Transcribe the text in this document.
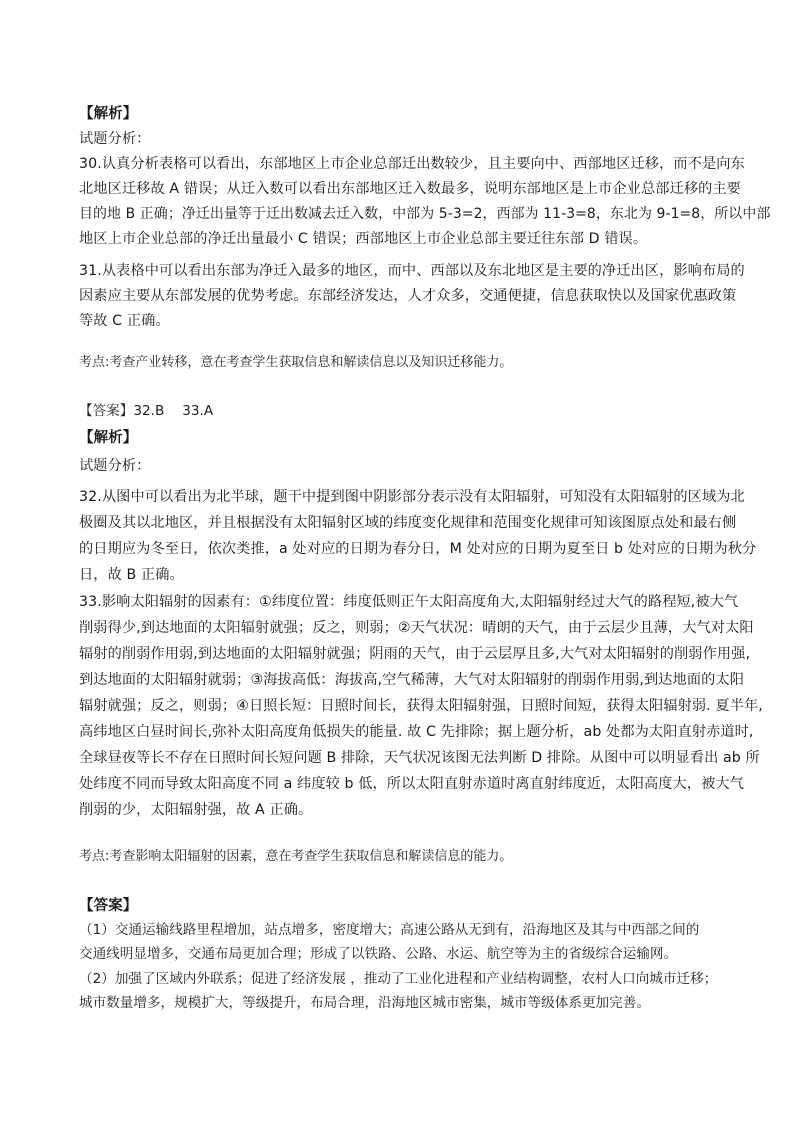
【解析】
试题分析：
30.认真分析表格可以看出，东部地区上市企业总部迁出数较少，且主要向中、西部地区迁移，而不是向东
北地区迁移故 A 错误；从迁入数可以看出东部地区迁入数最多，说明东部地区是上市企业总部迁移的主要
目的地 B 正确；净迁出量等于迁出数减去迁入数，中部为 5-3=2，西部为 11-3=8，东北为 9-1=8，所以中部
地区上市企业总部的净迁出量最小 C 错误；西部地区上市企业总部主要迁往东部 D 错误。
31.从表格中可以看出东部为净迁入最多的地区，而中、西部以及东北地区是主要的净迁出区，影响布局的
因素应主要从东部发展的优势考虑。东部经济发达，人才众多，交通便捷，信息获取快以及国家优惠政策
等故 C 正确。
考点:考查产业转移，意在考查学生获取信息和解读信息以及知识迁移能力。
【答案】32.B　 33.A
【解析】
试题分析：
32.从图中可以看出为北半球，题干中提到图中阴影部分表示没有太阳辐射，可知没有太阳辐射的区域为北
极圈及其以北地区，并且根据没有太阳辐射区域的纬度变化规律和范围变化规律可知该图原点处和最右侧
的日期应为冬至日，依次类推，a 处对应的日期为春分日，M 处对应的日期为夏至日 b 处对应的日期为秋分
日，故 B 正确。
33.影响太阳辐射的因素有：①纬度位置：纬度低则正午太阳高度角大,太阳辐射经过大气的路程短,被大气
削弱得少,到达地面的太阳辐射就强；反之，则弱；②天气状况：晴朗的天气，由于云层少且薄，大气对太阳
辐射的削弱作用弱,到达地面的太阳辐射就强；阴雨的天气，由于云层厚且多,大气对太阳辐射的削弱作用强,
到达地面的太阳辐射就弱；③海拔高低：海拔高,空气稀薄，大气对太阳辐射的削弱作用弱,到达地面的太阳
辐射就强；反之，则弱；④日照长短：日照时间长，获得太阳辐射强，日照时间短，获得太阳辐射弱. 夏半年,
高纬地区白昼时间长,弥补太阳高度角低损失的能量. 故 C 先排除；据上题分析，ab 处都为太阳直射赤道时,
全球昼夜等长不存在日照时间长短问题 B 排除，天气状况该图无法判断 D 排除。从图中可以明显看出 ab 所
处纬度不同而导致太阳高度不同 a 纬度较 b 低，所以太阳直射赤道时离直射纬度近，太阳高度大，被大气
削弱的少，太阳辐射强，故 A 正确。
考点:考查影响太阳辐射的因素，意在考查学生获取信息和解读信息的能力。
【答案】
（1）交通运输线路里程增加，站点增多，密度增大；高速公路从无到有，沿海地区及其与中西部之间的
交通线明显增多，交通布局更加合理；形成了以铁路、公路、水运、航空等为主的省级综合运输网。
（2）加强了区域内外联系；促进了经济发展 ，推动了工业化进程和产业结构调整，农村人口向城市迁移；
城市数量增多，规模扩大，等级提升，布局合理，沿海地区城市密集，城市等级体系更加完善。
